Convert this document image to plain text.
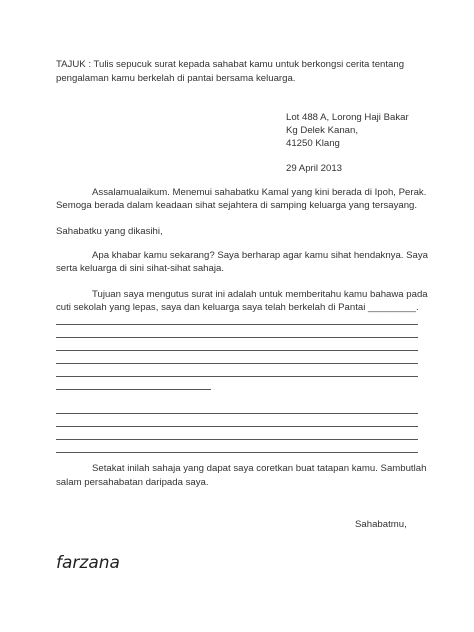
TAJUK : Tulis sepucuk surat kepada sahabat kamu untuk berkongsi cerita tentang
pengalaman kamu berkelah di pantai bersama keluarga.
Lot 488 A, Lorong Haji Bakar
Kg Delek Kanan,
41250 Klang
29 April 2013
Assalamualaikum. Menemui sahabatku Kamal yang kini berada di Ipoh, Perak.
Semoga berada dalam keadaan sihat sejahtera di samping keluarga yang tersayang.
Sahabatku yang dikasihi,
Apa khabar kamu sekarang? Saya berharap agar kamu sihat hendaknya. Saya
serta keluarga di sini sihat-sihat sahaja.
Tujuan saya mengutus surat ini adalah untuk memberitahu kamu bahawa pada
cuti sekolah yang lepas, saya dan keluarga saya telah berkelah di Pantai _________.
Setakat inilah sahaja yang dapat saya coretkan buat tatapan kamu. Sambutlah
salam persahabatan daripada saya.
Sahabatmu,
farzana
